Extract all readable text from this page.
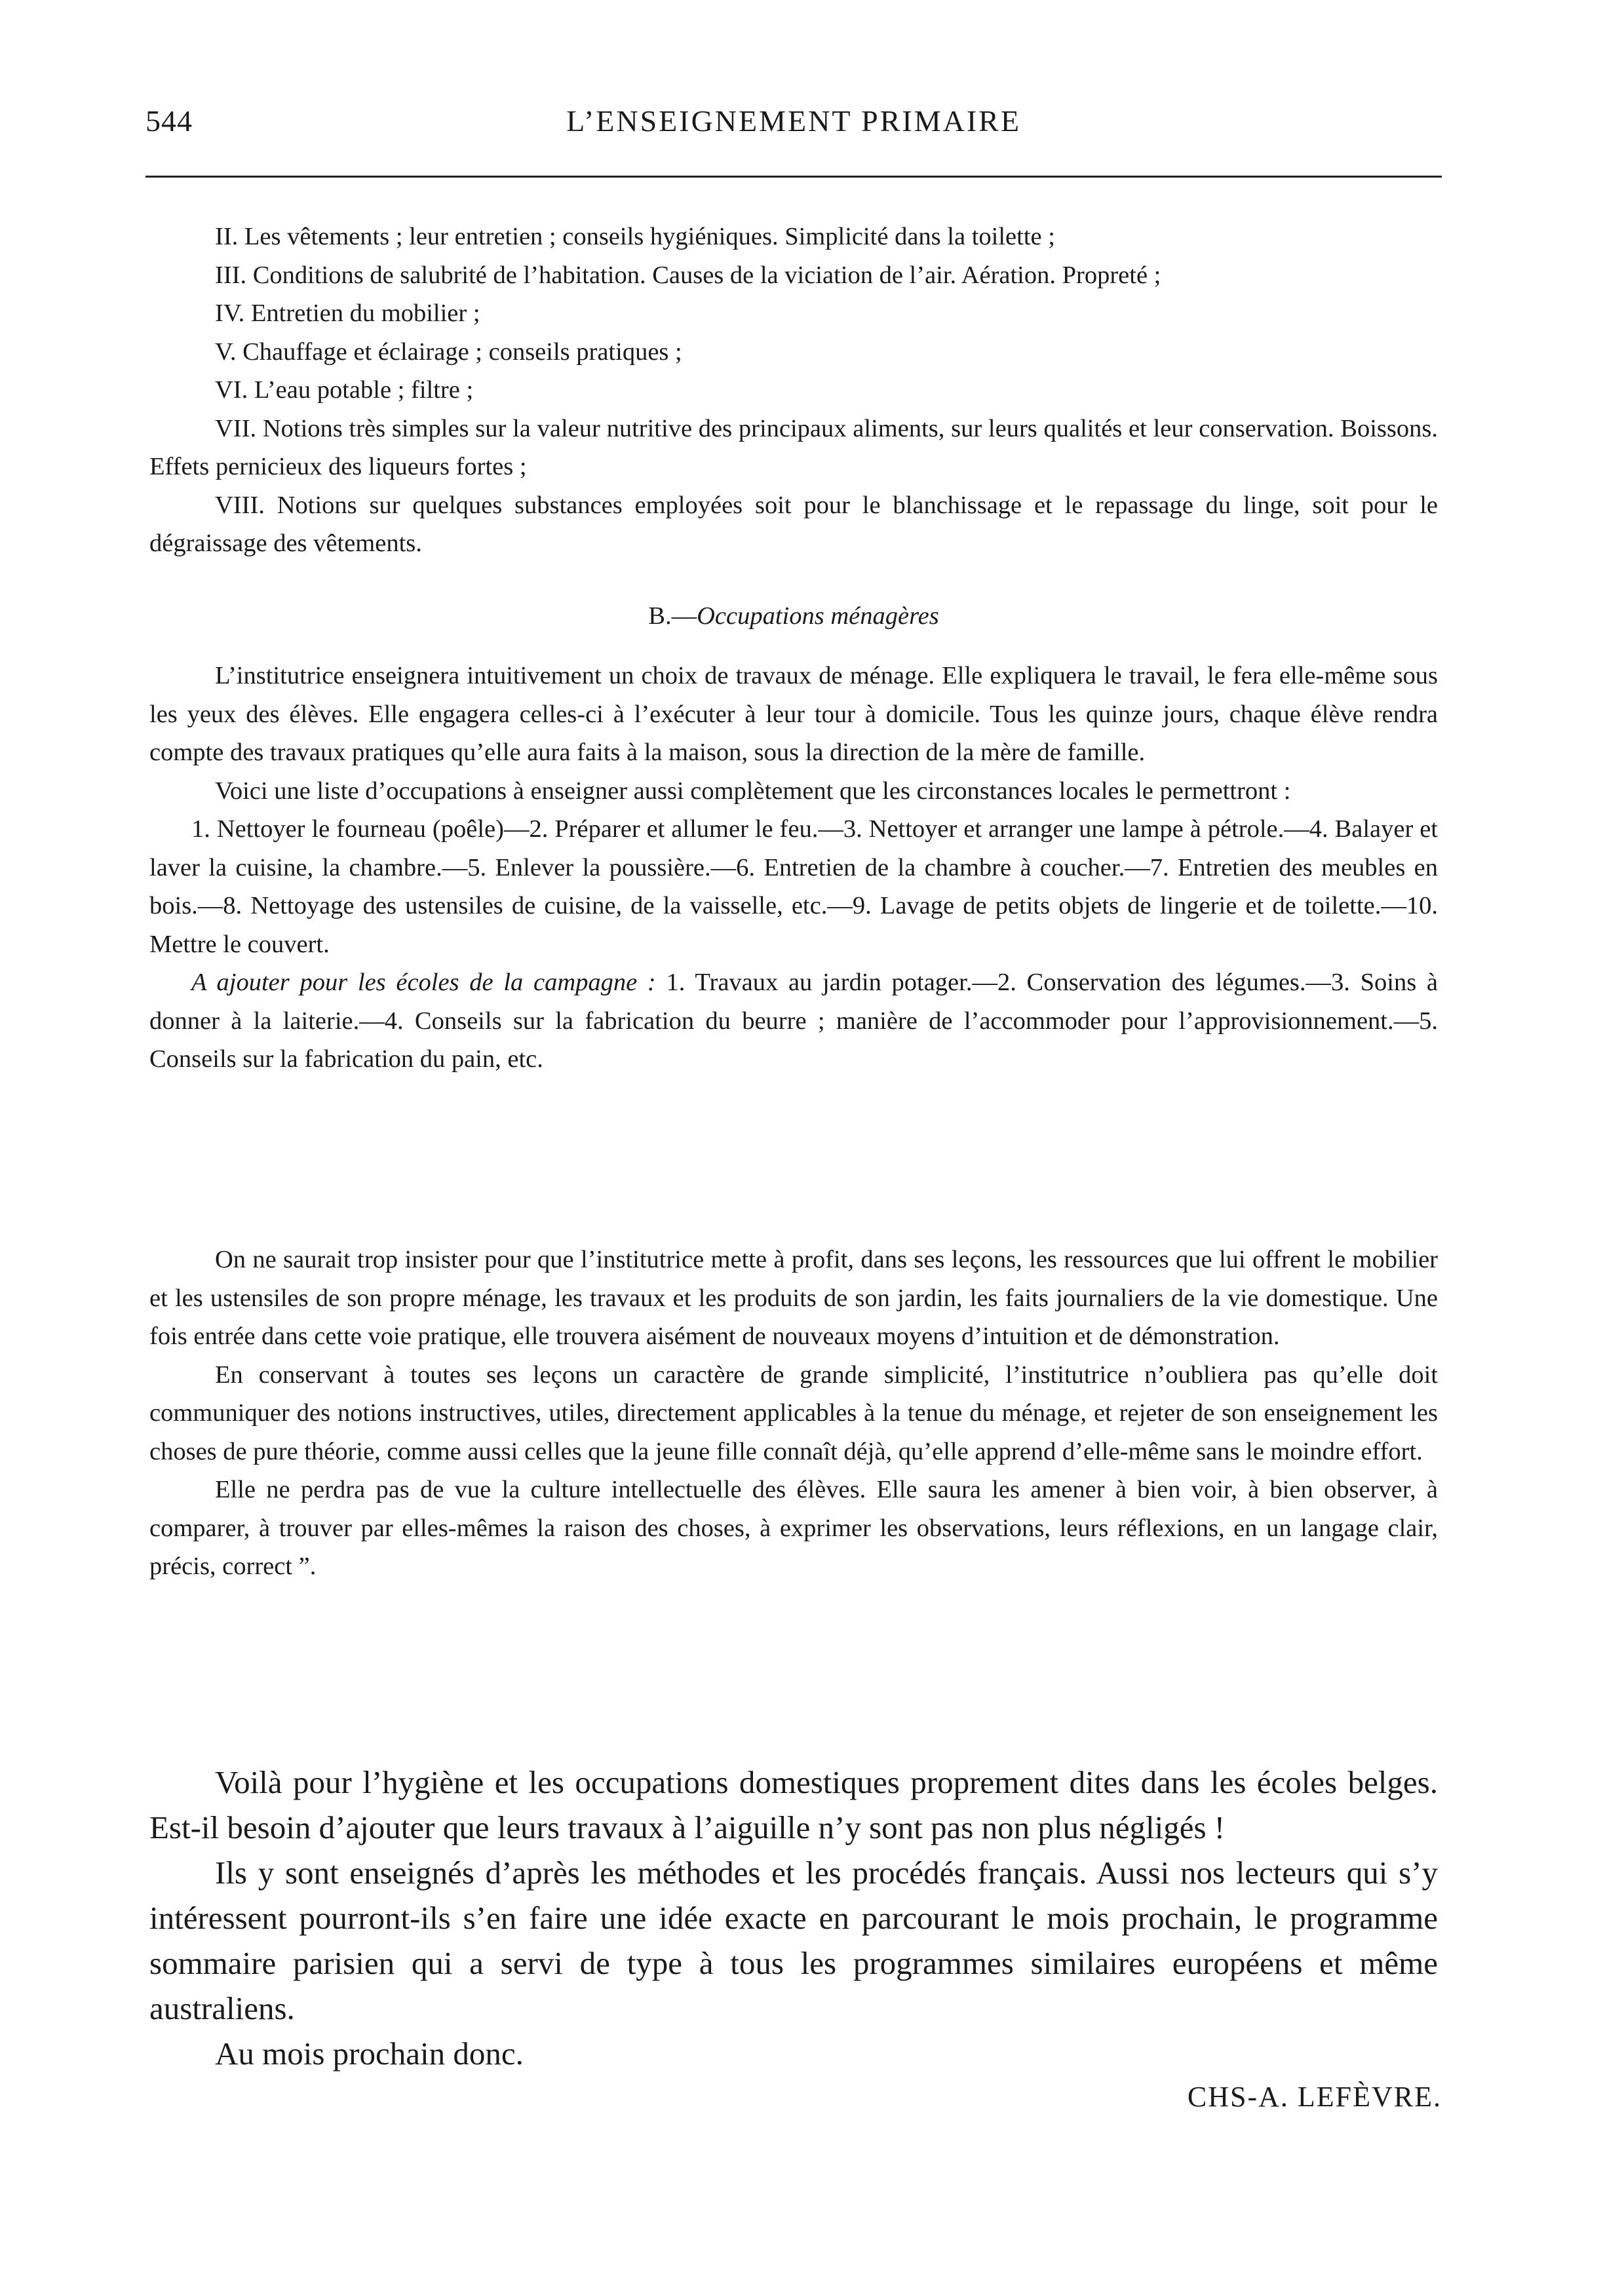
544	L’ENSEIGNEMENT PRIMAIRE

II. Les vêtements ; leur entretien ; conseils hygiéniques. Simplicité dans la toilette ;

III. Conditions de salubrité de l’habitation. Causes de la viciation de l’air. Aération. Propreté ;

IV. Entretien du mobilier ;

V. Chauffage et éclairage ; conseils pratiques ;

VI. L’eau potable ; filtre ;

VII. Notions très simples sur la valeur nutritive des principaux aliments, sur leurs qualités et leur conservation. Boissons. Effets pernicieux des liqueurs fortes ;

VIII. Notions sur quelques substances employées soit pour le blanchissage et le repassage du linge, soit pour le dégraissage des vêtements.

B.—Occupations ménagères

L’institutrice enseignera intuitivement un choix de travaux de ménage. Elle expliquera le travail, le fera elle-même sous les yeux des élèves. Elle engagera celles-ci à l’exécuter à leur tour à domicile. Tous les quinze jours, chaque élève rendra compte des travaux pratiques qu’elle aura faits à la maison, sous la direction de la mère de famille.

Voici une liste d’occupations à enseigner aussi complètement que les circonstances locales le permettront :

1. Nettoyer le fourneau (poêle)—2. Préparer et allumer le feu.—3. Nettoyer et arranger une lampe à pétrole.—4. Balayer et laver la cuisine, la chambre.—5. Enlever la poussière.—6. Entretien de la chambre à coucher.—7. Entretien des meubles en bois.—8. Nettoyage des ustensiles de cuisine, de la vaisselle, etc.—9. Lavage de petits objets de lingerie et de toilette.—10. Mettre le couvert.

A ajouter pour les écoles de la campagne : 1. Travaux au jardin potager.—2. Conservation des légumes.—3. Soins à donner à la laiterie.—4. Conseils sur la fabrication du beurre ; manière de l’accommoder pour l’approvisionnement.—5. Conseils sur la fabrication du pain, etc.

On ne saurait trop insister pour que l’institutrice mette à profit, dans ses leçons, les ressources que lui offrent le mobilier et les ustensiles de son propre ménage, les travaux et les produits de son jardin, les faits journaliers de la vie domestique. Une fois entrée dans cette voie pratique, elle trouvera aisément de nouveaux moyens d’intuition et de démonstration.

En conservant à toutes ses leçons un caractère de grande simplicité, l’institutrice n’oubliera pas qu’elle doit communiquer des notions instructives, utiles, directement applicables à la tenue du ménage, et rejeter de son enseignement les choses de pure théorie, comme aussi celles que la jeune fille connaît déjà, qu’elle apprend d’elle-même sans le moindre effort.

Elle ne perdra pas de vue la culture intellectuelle des élèves. Elle saura les amener à bien voir, à bien observer, à comparer, à trouver par elles-mêmes la raison des choses, à exprimer les observations, leurs réflexions, en un langage clair, précis, correct ”.

Voilà pour l’hygiène et les occupations domestiques proprement dites dans les écoles belges. Est-il besoin d’ajouter que leurs travaux à l’aiguille n’y sont pas non plus négligés !

Ils y sont enseignés d’après les méthodes et les procédés français. Aussi nos lecteurs qui s’y intéressent pourront-ils s’en faire une idée exacte en parcourant le mois prochain, le programme sommaire parisien qui a servi de type à tous les programmes similaires européens et même australiens.

Au mois prochain donc.

CHS-A. LEFÈVRE.
